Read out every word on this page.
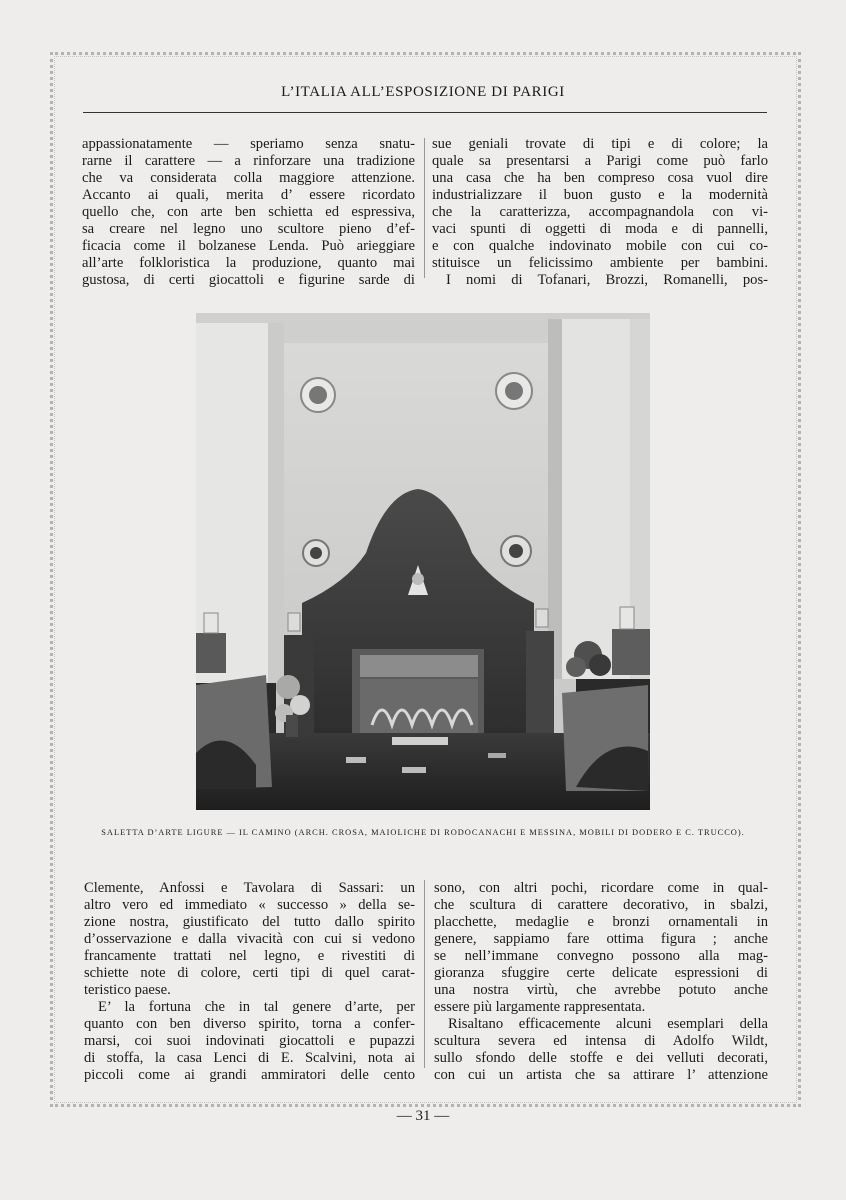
L’ITALIA ALL’ESPOSIZIONE DI PARIGI
appassionatamente — speriamo senza snatu-
rarne il carattere — a rinforzare una tradizione
che va considerata colla maggiore attenzione.
Accanto ai quali, merita d’ essere ricordato
quello che, con arte ben schietta ed espressiva,
sa creare nel legno uno scultore pieno d’ef-
ficacia come il bolzanese Lenda. Può arieggiare
all’arte folkloristica la produzione, quanto mai
gustosa, di certi giocattoli e figurine sarde di
sue geniali trovate di tipi e di colore; la
quale sa presentarsi a Parigi come può farlo
una casa che ha ben compreso cosa vuol dire
industrializzare il buon gusto e la modernità
che la caratterizza, accompagnandola con vi-
vaci spunti di oggetti di moda e di pannelli,
e con qualche indovinato mobile con cui co-
stituisce un felicissimo ambiente per bambini.
I nomi di Tofanari, Brozzi, Romanelli, pos-
SALETTA D’ARTE LIGURE — IL CAMINO (ARCH. CROSA, MAIOLICHE DI RODOCANACHI E MESSINA, MOBILI DI DODERO E C. TRUCCO).
Clemente, Anfossi e Tavolara di Sassari: un
altro vero ed immediato « successo » della se-
zione nostra, giustificato del tutto dallo spirito
d’osservazione e dalla vivacità con cui si vedono
francamente trattati nel legno, e rivestiti di
schiette note di colore, certi tipi di quel carat-
teristico paese.
E’ la fortuna che in tal genere d’arte, per
quanto con ben diverso spirito, torna a confer-
marsi, coi suoi indovinati giocattoli e pupazzi
di stoffa, la casa Lenci di E. Scalvini, nota ai
piccoli come ai grandi ammiratori delle cento
sono, con altri pochi, ricordare come in qual-
che scultura di carattere decorativo, in sbalzi,
placchette, medaglie e bronzi ornamentali in
genere, sappiamo fare ottima figura ; anche
se nell’immane convegno possono alla mag-
gioranza sfuggire certe delicate espressioni di
una nostra virtù, che avrebbe potuto anche
essere più largamente rappresentata.
Risaltano efficacemente alcuni esemplari della
scultura severa ed intensa di Adolfo Wildt,
sullo sfondo delle stoffe e dei velluti decorati,
con cui un artista che sa attirare l’ attenzione
— 31 —
